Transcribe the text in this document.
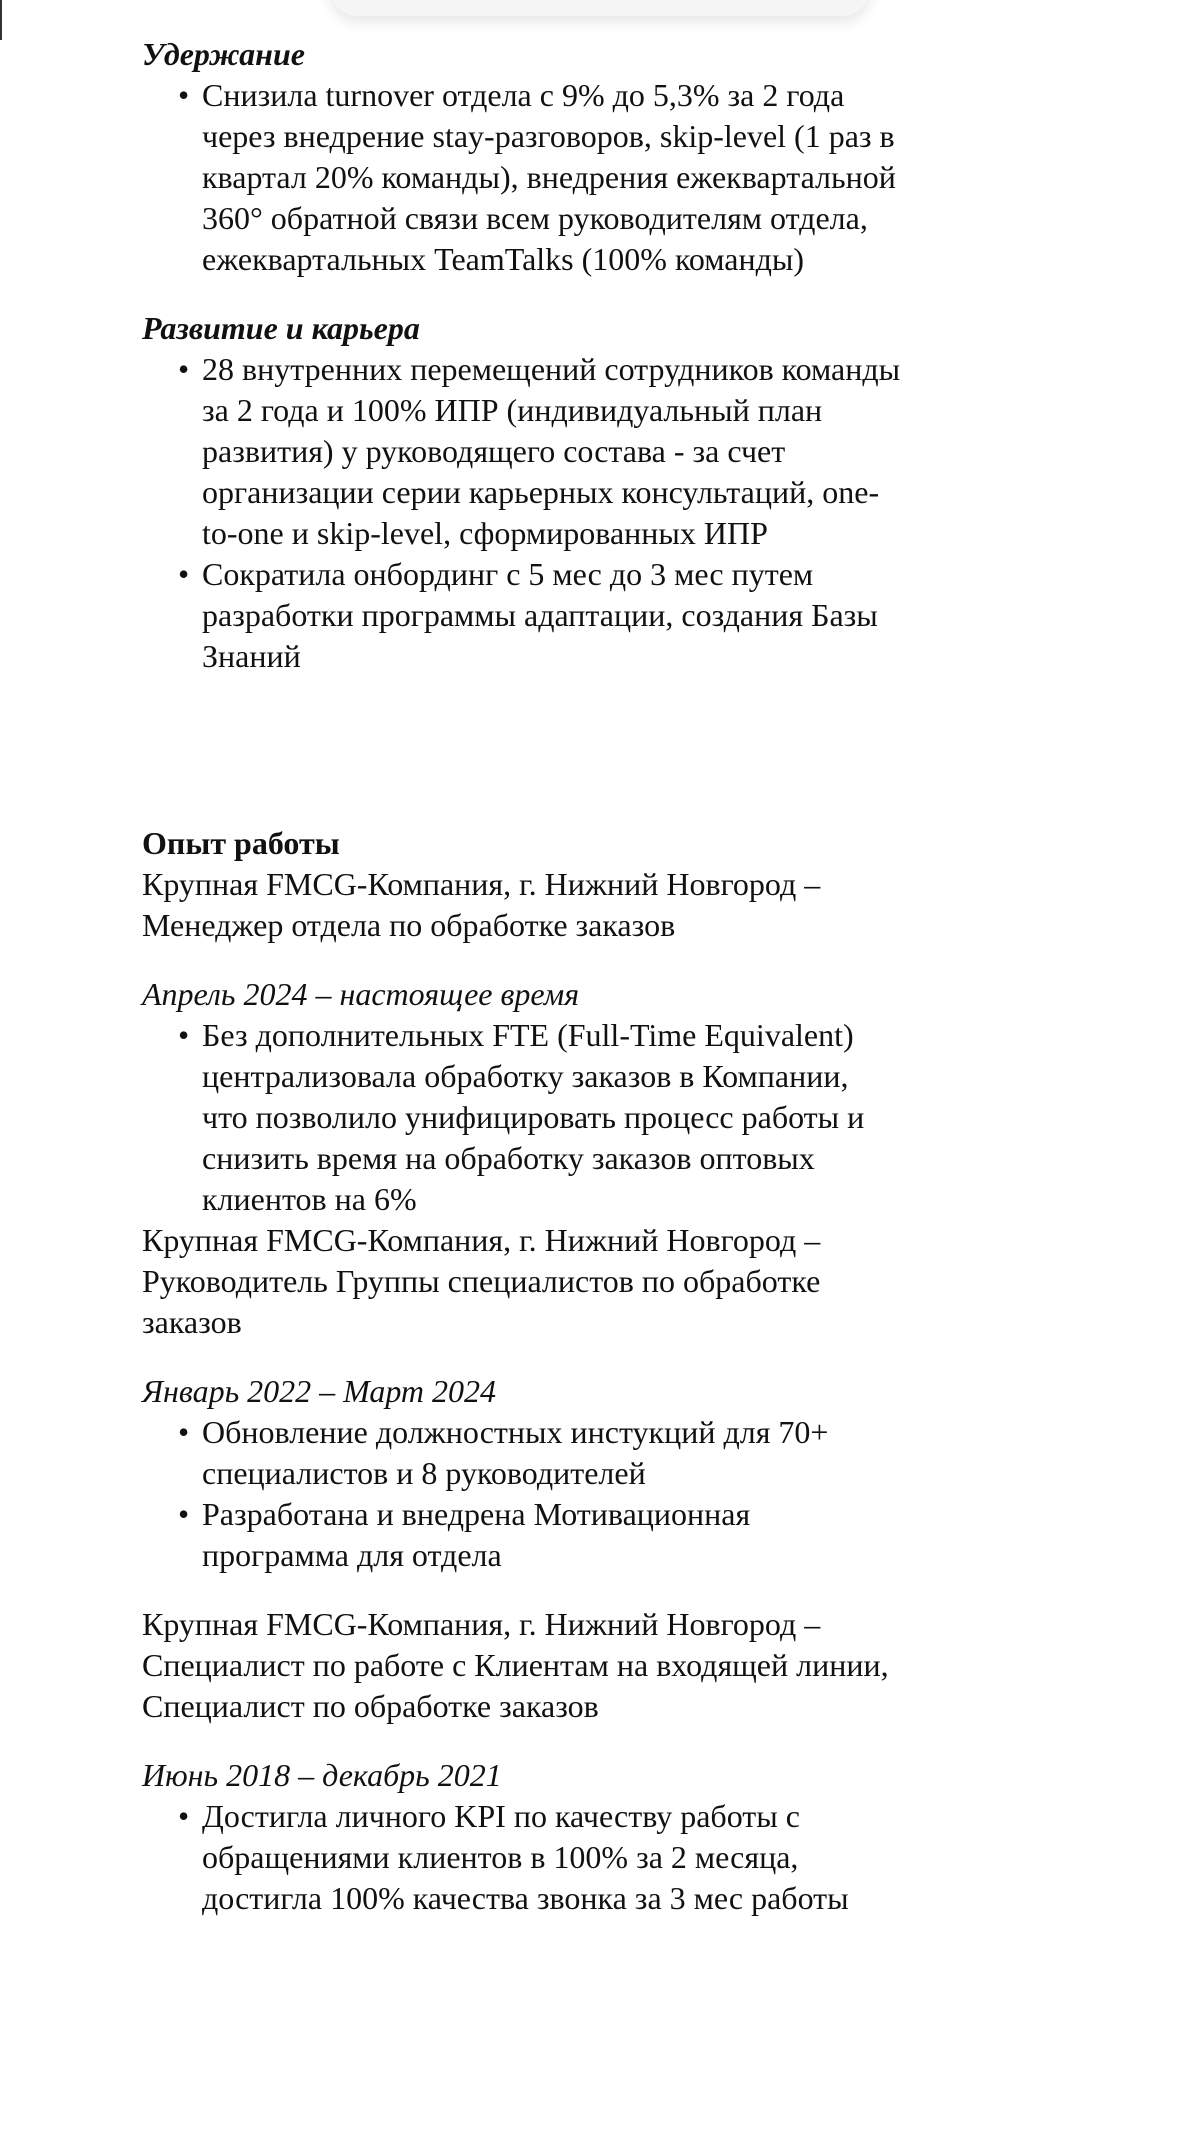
Удержание

• Снизила turnover отдела с 9% до 5,3% за 2 года через внедрение stay-разговоров, skip-level (1 раз в квартал 20% команды), внедрения ежеквартальной 360° обратной связи всем руководителям отдела, ежеквартальных TeamTalks (100% команды)

Развитие и карьера

• 28 внутренних перемещений сотрудников команды за 2 года и 100% ИПР (индивидуальный план развития) у руководящего состава - за счет организации серии карьерных консультаций, one-to-one и skip-level, сформированных ИПР
• Сократила онбординг с 5 мес до 3 мес путем разработки программы адаптации, создания Базы Знаний

Опыт работы

Крупная FMCG-Компания, г. Нижний Новгород – Менеджер отдела по обработке заказов

Апрель 2024 – настоящее время

• Без дополнительных FTE (Full-Time Equivalent) централизовала обработку заказов в Компании, что позволило унифицировать процесс работы и снизить время на обработку заказов оптовых клиентов на 6%

Крупная FMCG-Компания, г. Нижний Новгород – Руководитель Группы специалистов по обработке заказов

Январь 2022 – Март 2024

• Обновление должностных инстукций для 70+ специалистов и 8 руководителей
• Разработана и внедрена Мотивационная программа для отдела

Крупная FMCG-Компания, г. Нижний Новгород – Специалист по работе с Клиентам на входящей линии, Специалист по обработке заказов

Июнь 2018 – декабрь 2021

• Достигла личного KPI по качеству работы с обращениями клиентов в 100% за 2 месяца, достигла 100% качества звонка за 3 мес работы
